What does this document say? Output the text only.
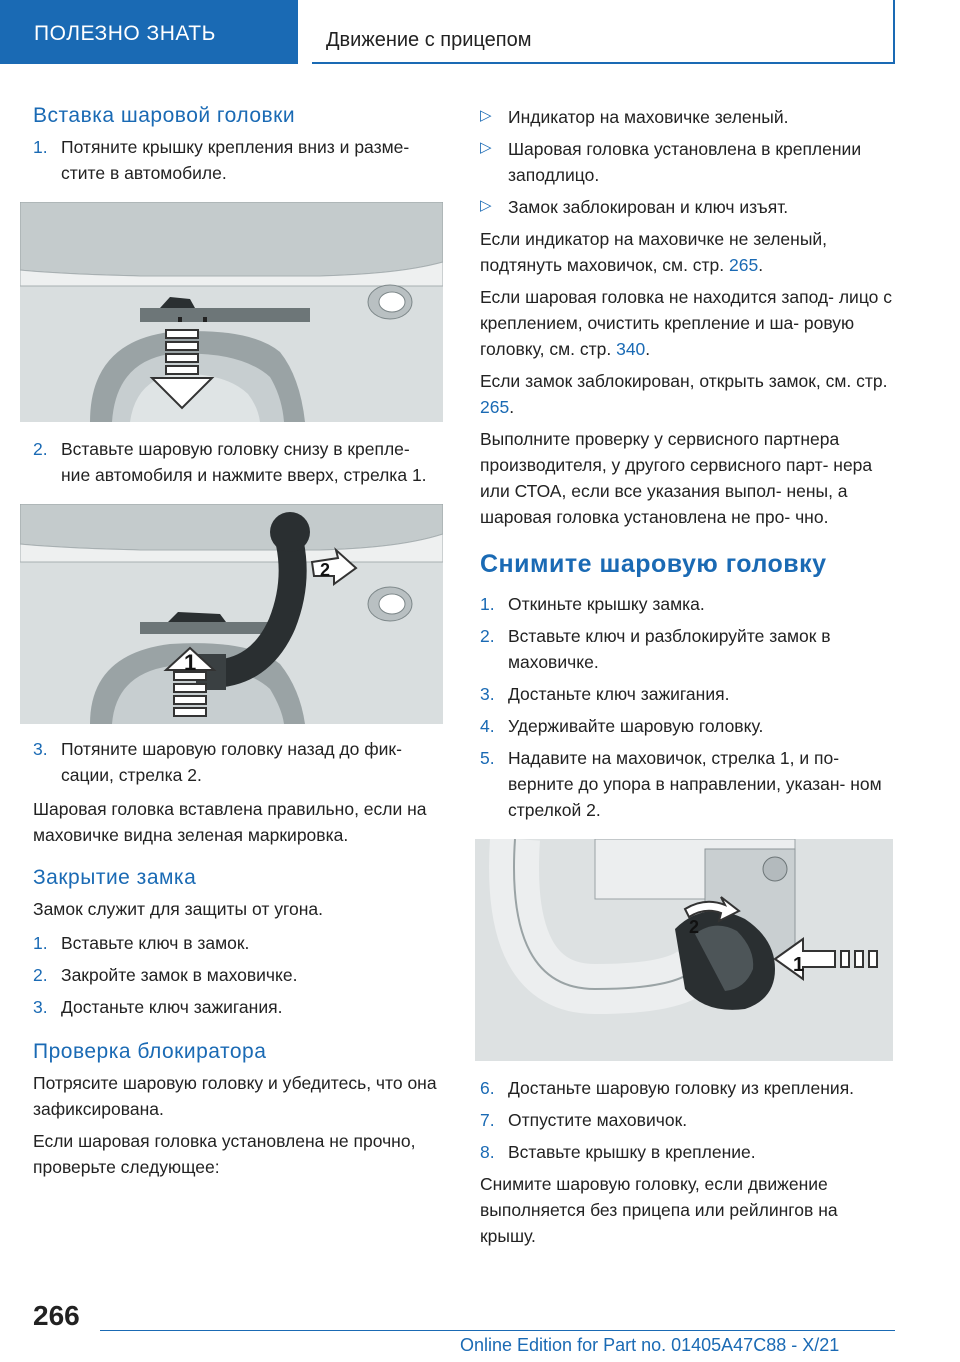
ПОЛЕЗНО ЗНАТЬ	Движение с прицепом
Вставка шаровой головки
1. Потяните крышку крепления вниз и разме- стите в автомобиле.
2. Вставьте шаровую головку снизу в крепле- ние автомобиля и нажмите вверх, стрелка 1.
1
2
3. Потяните шаровую головку назад до фик- сации, стрелка 2.

Шаровая головка вставлена правильно, если на маховичке видна зеленая маркировка.

Закрытие замка

Замок служит для защиты от угона.

1. Вставьте ключ в замок.
2. Закройте замок в маховичке.
3. Достаньте ключ зажигания.
Проверка блокиратора

Потрясите шаровую головку и убедитесь, что она зафиксирована.

Если шаровая головка установлена не прочно, проверьте следующее:

▷ Индикатор на маховичке зеленый.
▷ Шаровая головка установлена в креплении заподлицо.
▷ Замок заблокирован и ключ изъят.

Если индикатор на маховичке не зеленый, подтянуть маховичок, см. стр. 265.

Если шаровая головка не находится запод- лицо с креплением, очистить крепление и ша- ровую головку, см. стр. 340.

Если замок заблокирован, открыть замок, см. стр. 265.

Выполните проверку у сервисного партнера производителя, у другого сервисного парт- нера или СТОА, если все указания выпол- нены, а шаровая головка установлена не про- чно.

Снимите шаровую головку
1. Откиньте крышку замка.
2. Вставьте ключ и разблокируйте замок в маховичке.
3. Достаньте ключ зажигания.
4. Удерживайте шаровую головку.
5. Надавите на маховичок, стрелка 1, и по- верните до упора в направлении, указан- ном стрелкой 2.
1
2
6. Достаньте шаровую головку из крепления.
7. Отпустите маховичок.
8. Вставьте крышку в крепление.

Снимите шаровую головку, если движение выполняется без прицепа или рейлингов на крышу.

266
Online Edition for Part no. 01405A47C88 - X/21
